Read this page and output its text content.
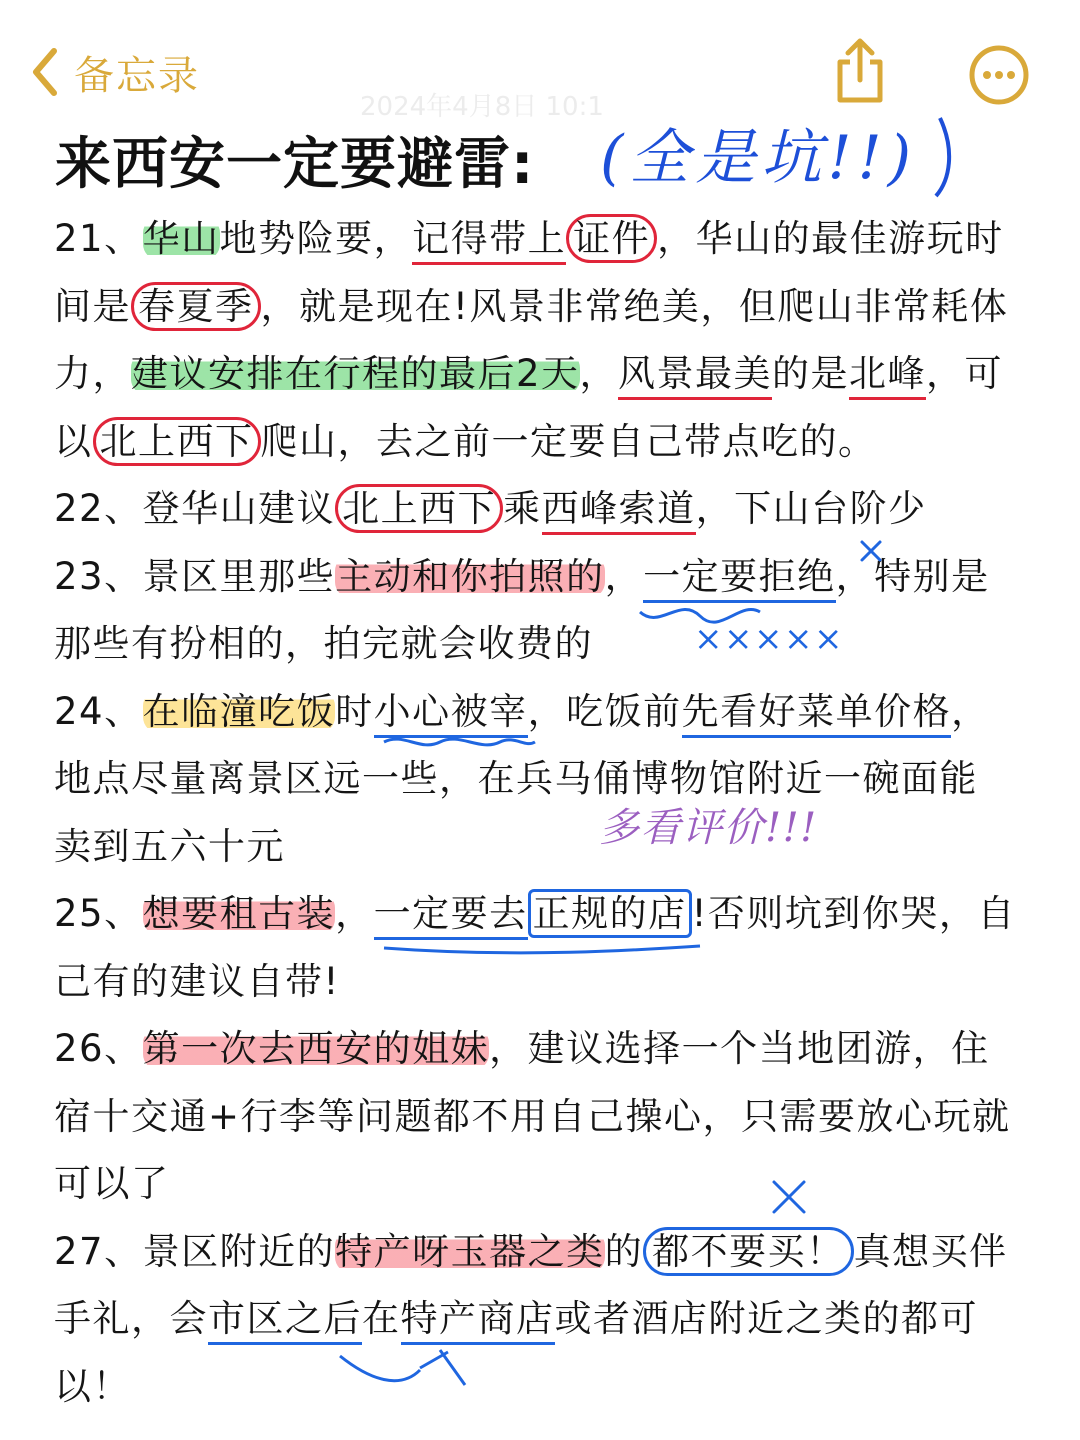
备忘录
2024年4月8日 10:1
来西安一定要避雷: (全是坑!!)
21、华山地势险要，记得带上 证件 ，华山的最佳游玩时
间是 春夏季 ，就是现在!风景非常绝美，但爬山非常耗体
力，建议安排在行程的最后2天，风景最美的是北峰，可
以 北上西下 爬山，去之前一定要自己带点吃的。
22、登华山建议 北上西下 乘西峰索道，下山台阶少
23、景区里那些主动和你拍照的，一定要拒绝，特别是
那些有扮相的，拍完就会收费的	×××××
24、在临潼吃饭时小心被宰，吃饭前先看好菜单价格，
地点尽量离景区远一些，在兵马俑博物馆附近一碗面能
卖到五六十元	多看评价!!!
25、想要租古装，一定要去 正规的店 !否则坑到你哭，自
己有的建议自带!
26、第一次去西安的姐妹，建议选择一个当地团游，住
宿十交通+行李等问题都不用自己操心，只需要放心玩就
可以了
27、景区附近的特产呀玉器之类的 都不要买！ 真想买伴
手礼，会市区之后在特产商店或者酒店附近之类的都可
以！
